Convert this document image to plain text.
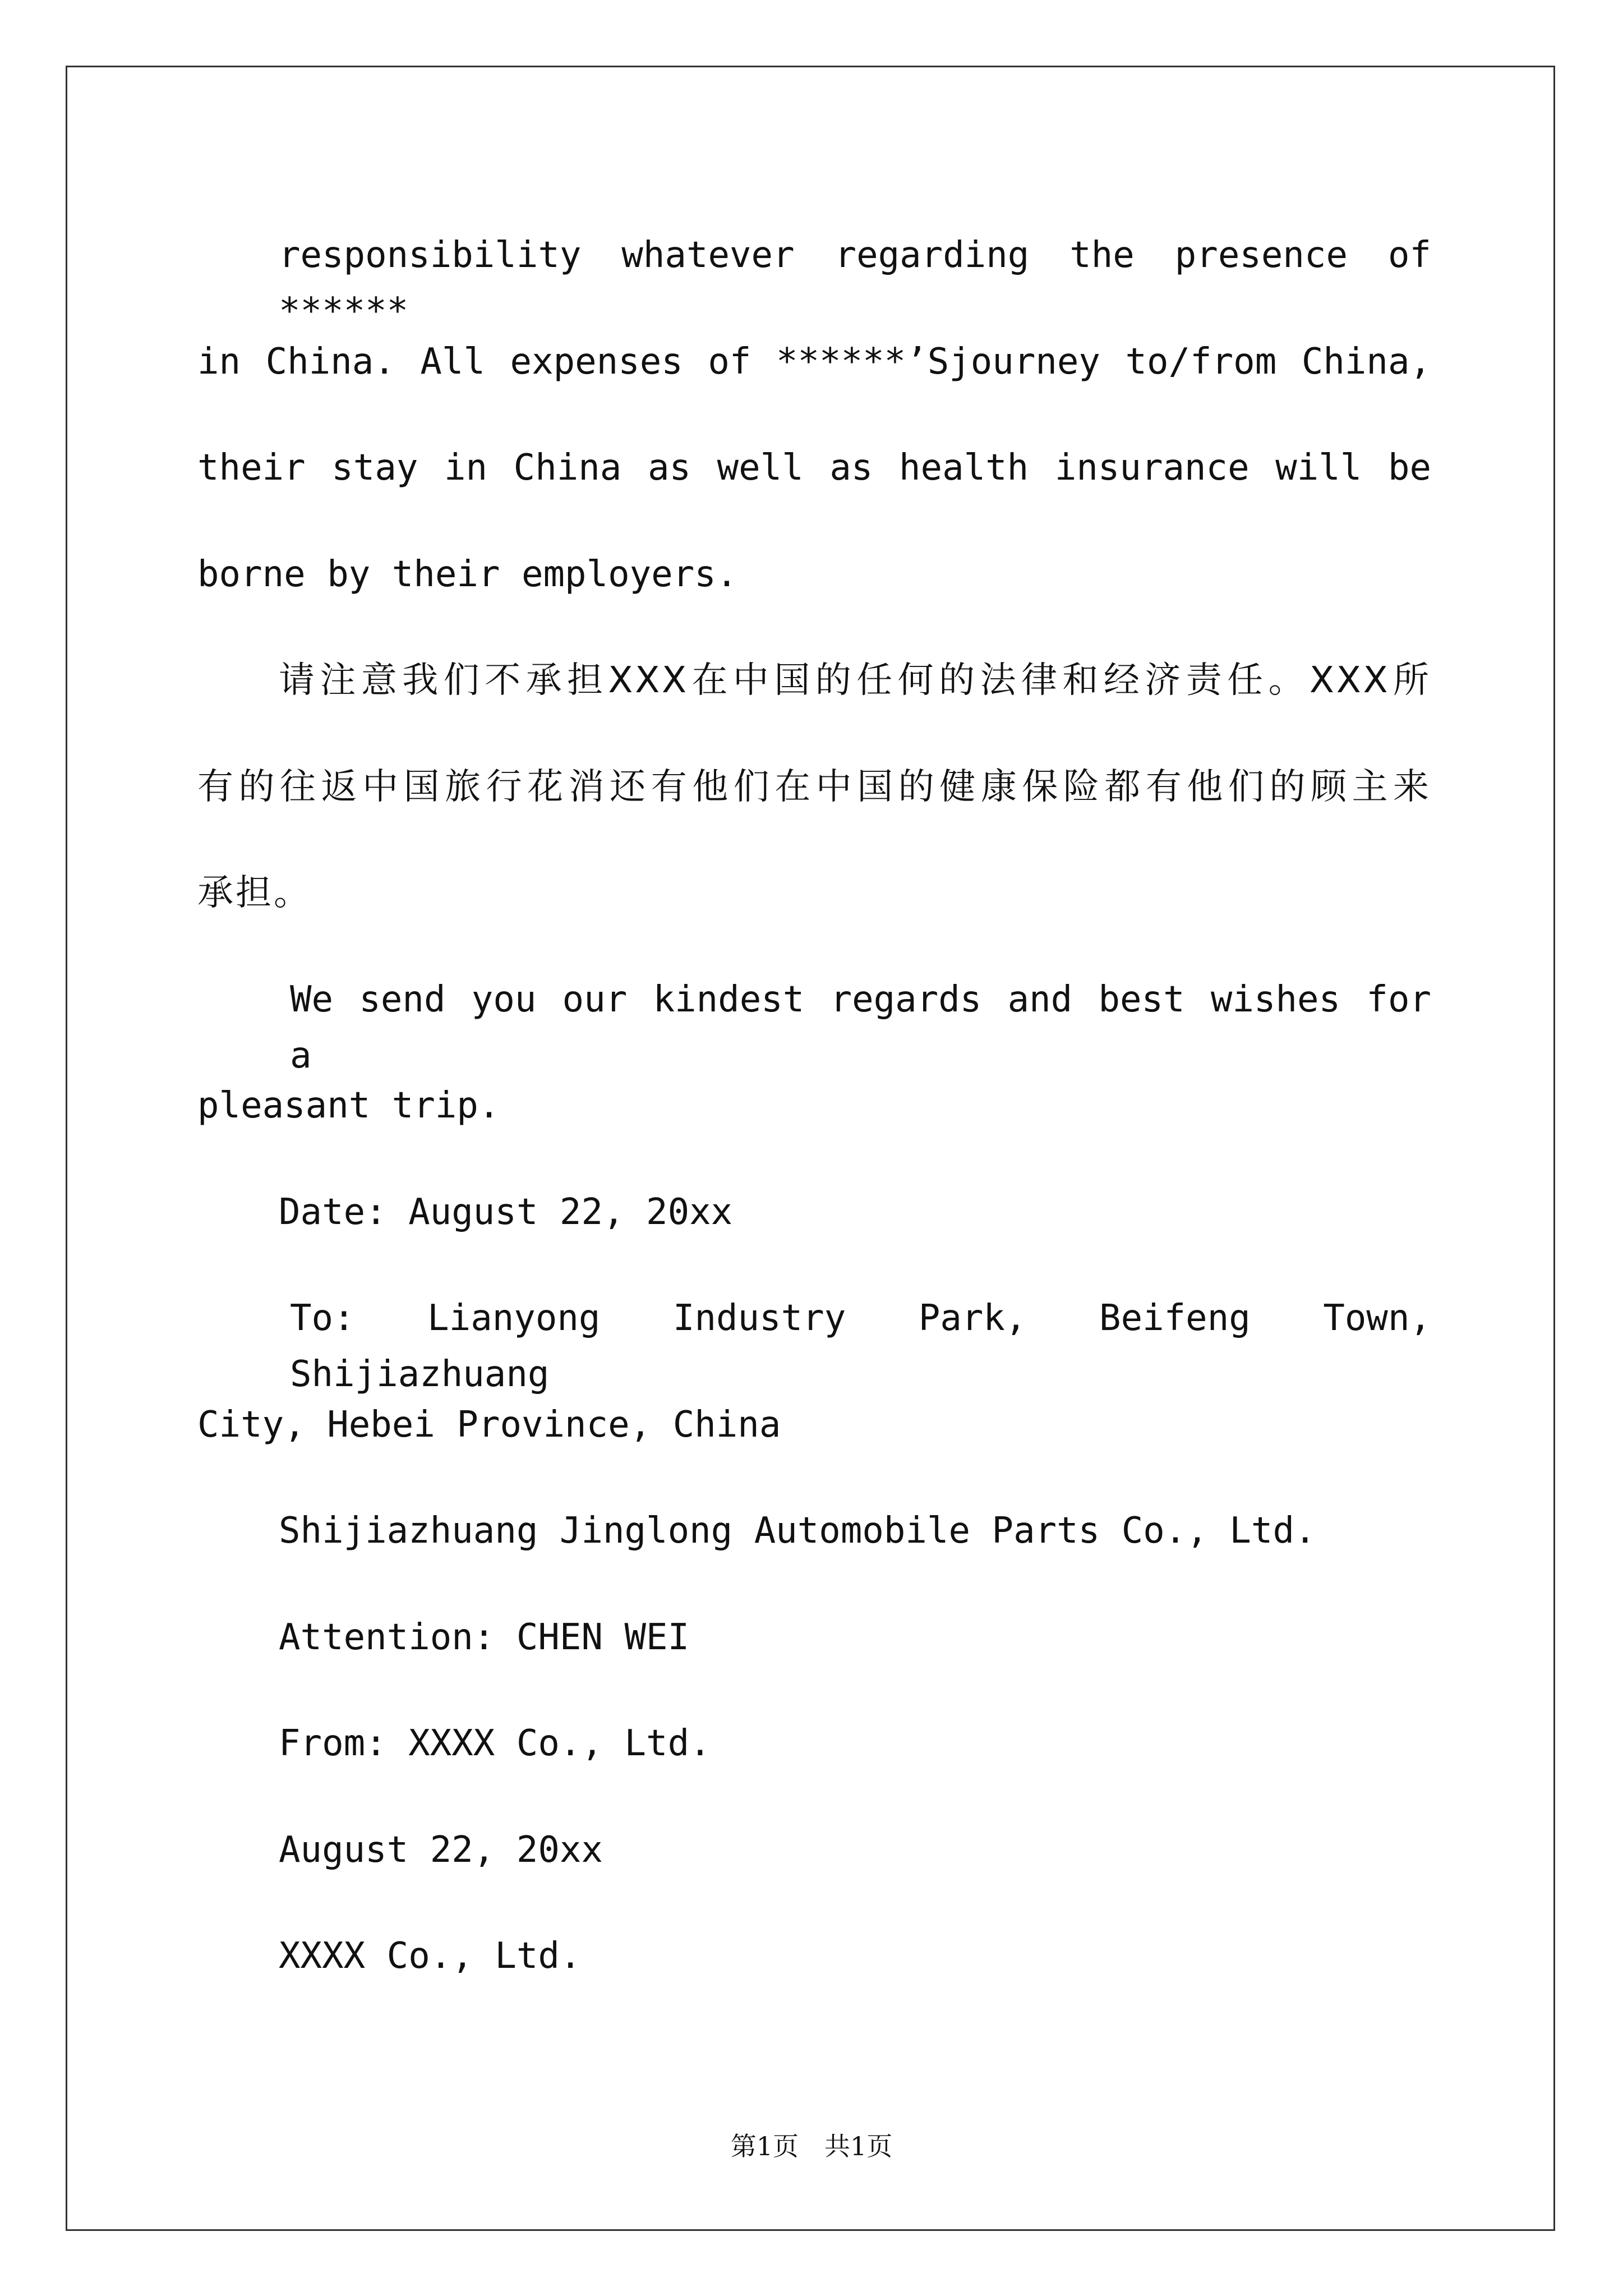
responsibility whatever regarding the presence of ******
in China. All expenses of ******’Sjourney to/from China,
their stay in China as well as health insurance will be
borne by their employers.
请注意我们不承担XXX在中国的任何的法律和经济责任。XXX所
有的往返中国旅行花消还有他们在中国的健康保险都有他们的顾主来
承担。
We send you our kindest regards and best wishes for a
pleasant trip.
Date: August 22, 20xx
To: Lianyong Industry Park, Beifeng Town, Shijiazhuang
City, Hebei Province, China
Shijiazhuang Jinglong Automobile Parts Co., Ltd.
Attention: CHEN WEI
From: XXXX Co., Ltd.
August 22, 20xx
XXXX Co., Ltd.
第1页　共1页
